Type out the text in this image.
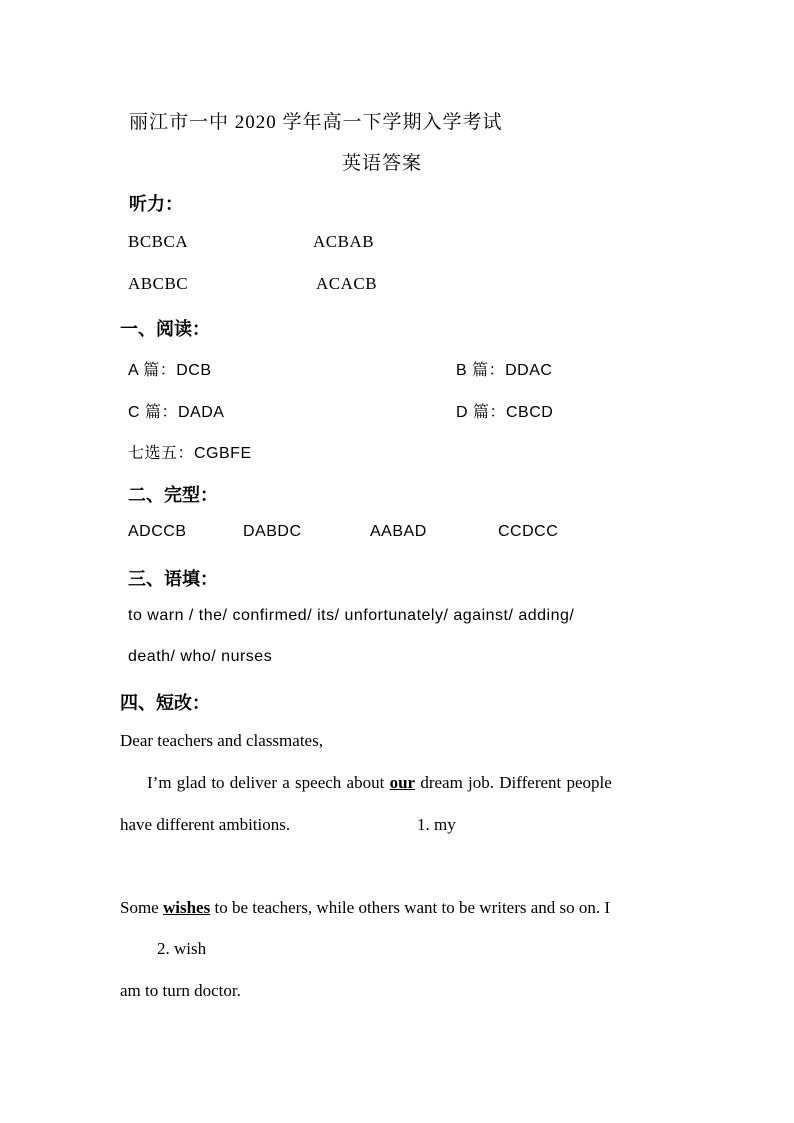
丽江市一中 2020 学年高一下学期入学考试
英语答案
听力：
BCBCA	ACBAB
ABCBC	ACACB
一、阅读：
A 篇：DCB	B 篇：DDAC
C 篇：DADA	D 篇：CBCD
七选五：CGBFE
二、完型：
ADCCB	DABDC	AABAD	CCDCC
三、语填：
to warn / the/ confirmed/ its/ unfortunately/ against/ adding/
death/ who/ nurses
四、短改：
Dear teachers and classmates,
I’m glad to deliver a speech about our dream job. Different people
have different ambitions.	1. my
Some wishes to be teachers, while others want to be writers and so on. I
2. wish
am to turn doctor.
